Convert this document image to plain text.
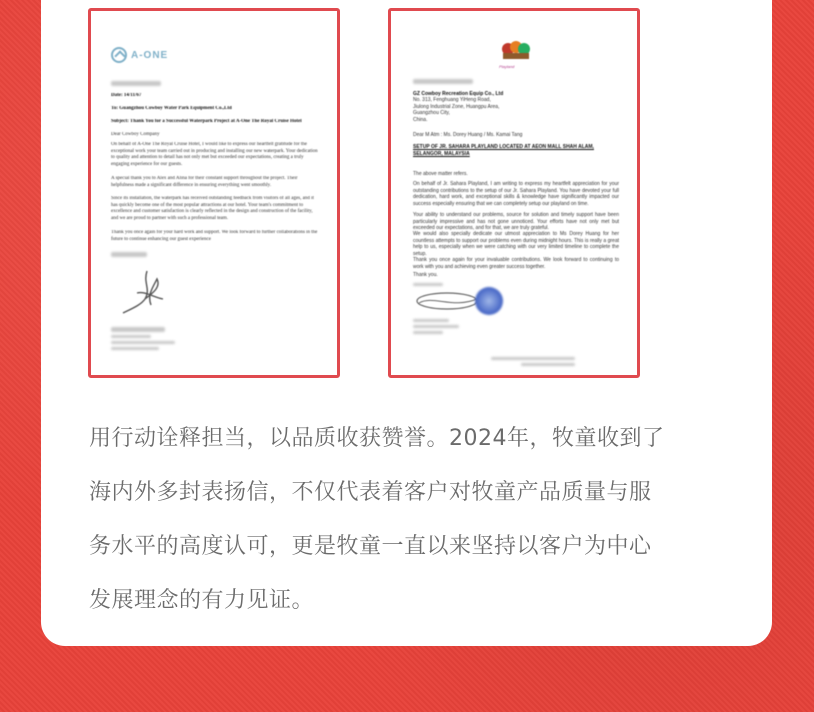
A-ONE
Date: 14/11/67
To: Guangzhou Cowboy Water Park Equipment Co.,Ltd
Subject: Thank You for a Successful Waterpark Project at A-One The Royal Cruise Hotel
Dear Cowboy Company
On behalf of A-One The Royal Cruise Hotel, I would like to express our heartfelt gratitude for the exceptional work your team carried out in producing and installing our new waterpark. Your dedication to quality and attention to detail has not only met but exceeded our expectations, creating a truly engaging experience for our guests.
A special thank you to Alex and Alina for their constant support throughout the project. Their helpfulness made a significant difference in ensuring everything went smoothly.
Since its installation, the waterpark has received outstanding feedback from visitors of all ages, and it has quickly become one of the most popular attractions at our hotel. Your team's commitment to excellence and customer satisfaction is clearly reflected in the design and construction of the facility, and we are proud to partner with such a professional team.
Thank you once again for your hard work and support. We look forward to further collaborations in the future to continue enhancing our guest experience
Playland
GZ Cowboy Recreation Equip Co., Ltd
No. 313, Fenghuang YiHeng Road,
Jiulong Industrial Zone, Huangpu Area,
Guangzhou City,
China.
Dear M Atm : Ms. Dorey Huang / Ms. Kamai Tang
SETUP OF JR. SAHARA PLAYLAND LOCATED AT AEON MALL SHAH ALAM, SELANGOR, MALAYSIA
The above matter refers.
On behalf of Jr. Sahara Playland, I am writing to express my heartfelt appreciation for your outstanding contributions to the setup of our Jr. Sahara Playland. You have devoted your full dedication, hard work, and exceptional skills & knowledge have significantly impacted our success especially ensuring that we can completely setup our playland on time.
Your ability to understand our problems, source for solution and timely support have been particularly impressive and has not gone unnoticed. Your efforts have not only met but exceeded our expectations, and for that, we are truly grateful.
We would also specially dedicate our utmost appreciation to Ms Dorey Huang for her countless attempts to support our problems even during midnight hours. This is really a great help to us, especially when we were catching with our very limited timeline to complete the setup.
Thank you once again for your invaluable contributions. We look forward to continuing to work with you and achieving even greater success together.
Thank you.
用行动诠释担当，以品质收获赞誉。2024年，牧童收到了
海内外多封表扬信，不仅代表着客户对牧童产品质量与服
务水平的高度认可，更是牧童一直以来坚持以客户为中心
发展理念的有力见证。
